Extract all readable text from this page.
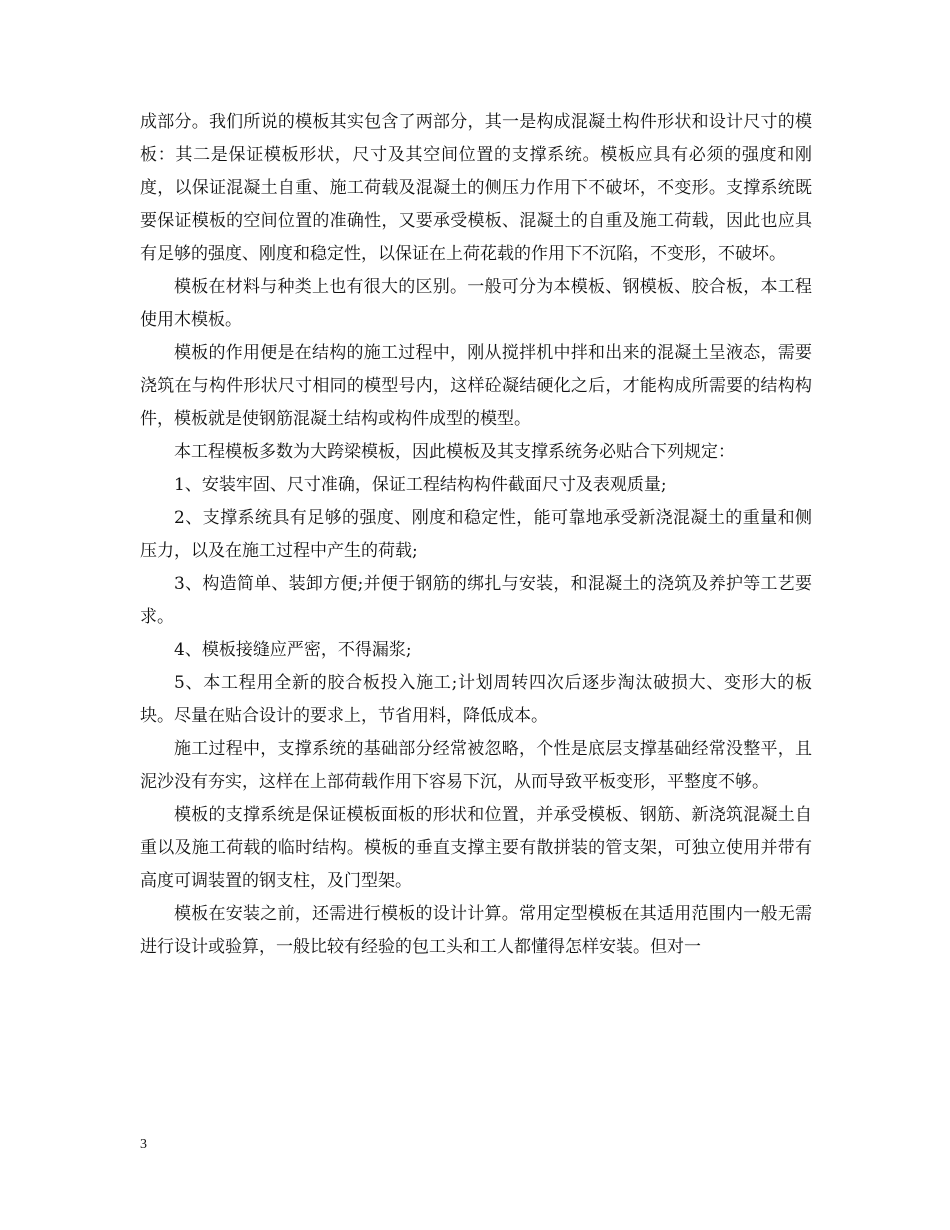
成部分。我们所说的模板其实包含了两部分，其一是构成混凝土构件形状和设计尺寸的模板：其二是保证模板形状，尺寸及其空间位置的支撑系统。模板应具有必须的强度和刚度，以保证混凝土自重、施工荷载及混凝土的侧压力作用下不破坏，不变形。支撑系统既要保证模板的空间位置的准确性，又要承受模板、混凝土的自重及施工荷载，因此也应具有足够的强度、刚度和稳定性，以保证在上荷花载的作用下不沉陷，不变形，不破坏。

模板在材料与种类上也有很大的区别。一般可分为本模板、钢模板、胶合板，本工程使用木模板。

模板的作用便是在结构的施工过程中，刚从搅拌机中拌和出来的混凝土呈液态，需要浇筑在与构件形状尺寸相同的模型号内，这样砼凝结硬化之后，才能构成所需要的结构构件，模板就是使钢筋混凝土结构或构件成型的模型。

本工程模板多数为大跨梁模板，因此模板及其支撑系统务必贴合下列规定：

1、安装牢固、尺寸准确，保证工程结构构件截面尺寸及表观质量;

2、支撑系统具有足够的强度、刚度和稳定性，能可靠地承受新浇混凝土的重量和侧压力，以及在施工过程中产生的荷载;

3、构造简单、装卸方便;并便于钢筋的绑扎与安装，和混凝土的浇筑及养护等工艺要求。

4、模板接缝应严密，不得漏浆;

5、本工程用全新的胶合板投入施工;计划周转四次后逐步淘汰破损大、变形大的板块。尽量在贴合设计的要求上，节省用料，降低成本。

施工过程中，支撑系统的基础部分经常被忽略，个性是底层支撑基础经常没整平，且泥沙没有夯实，这样在上部荷载作用下容易下沉，从而导致平板变形，平整度不够。

模板的支撑系统是保证模板面板的形状和位置，并承受模板、钢筋、新浇筑混凝土自重以及施工荷载的临时结构。模板的垂直支撑主要有散拼装的管支架，可独立使用并带有高度可调装置的钢支柱，及门型架。

模板在安装之前，还需进行模板的设计计算。常用定型模板在其适用范围内一般无需进行设计或验算，一般比较有经验的包工头和工人都懂得怎样安装。但对一

3
